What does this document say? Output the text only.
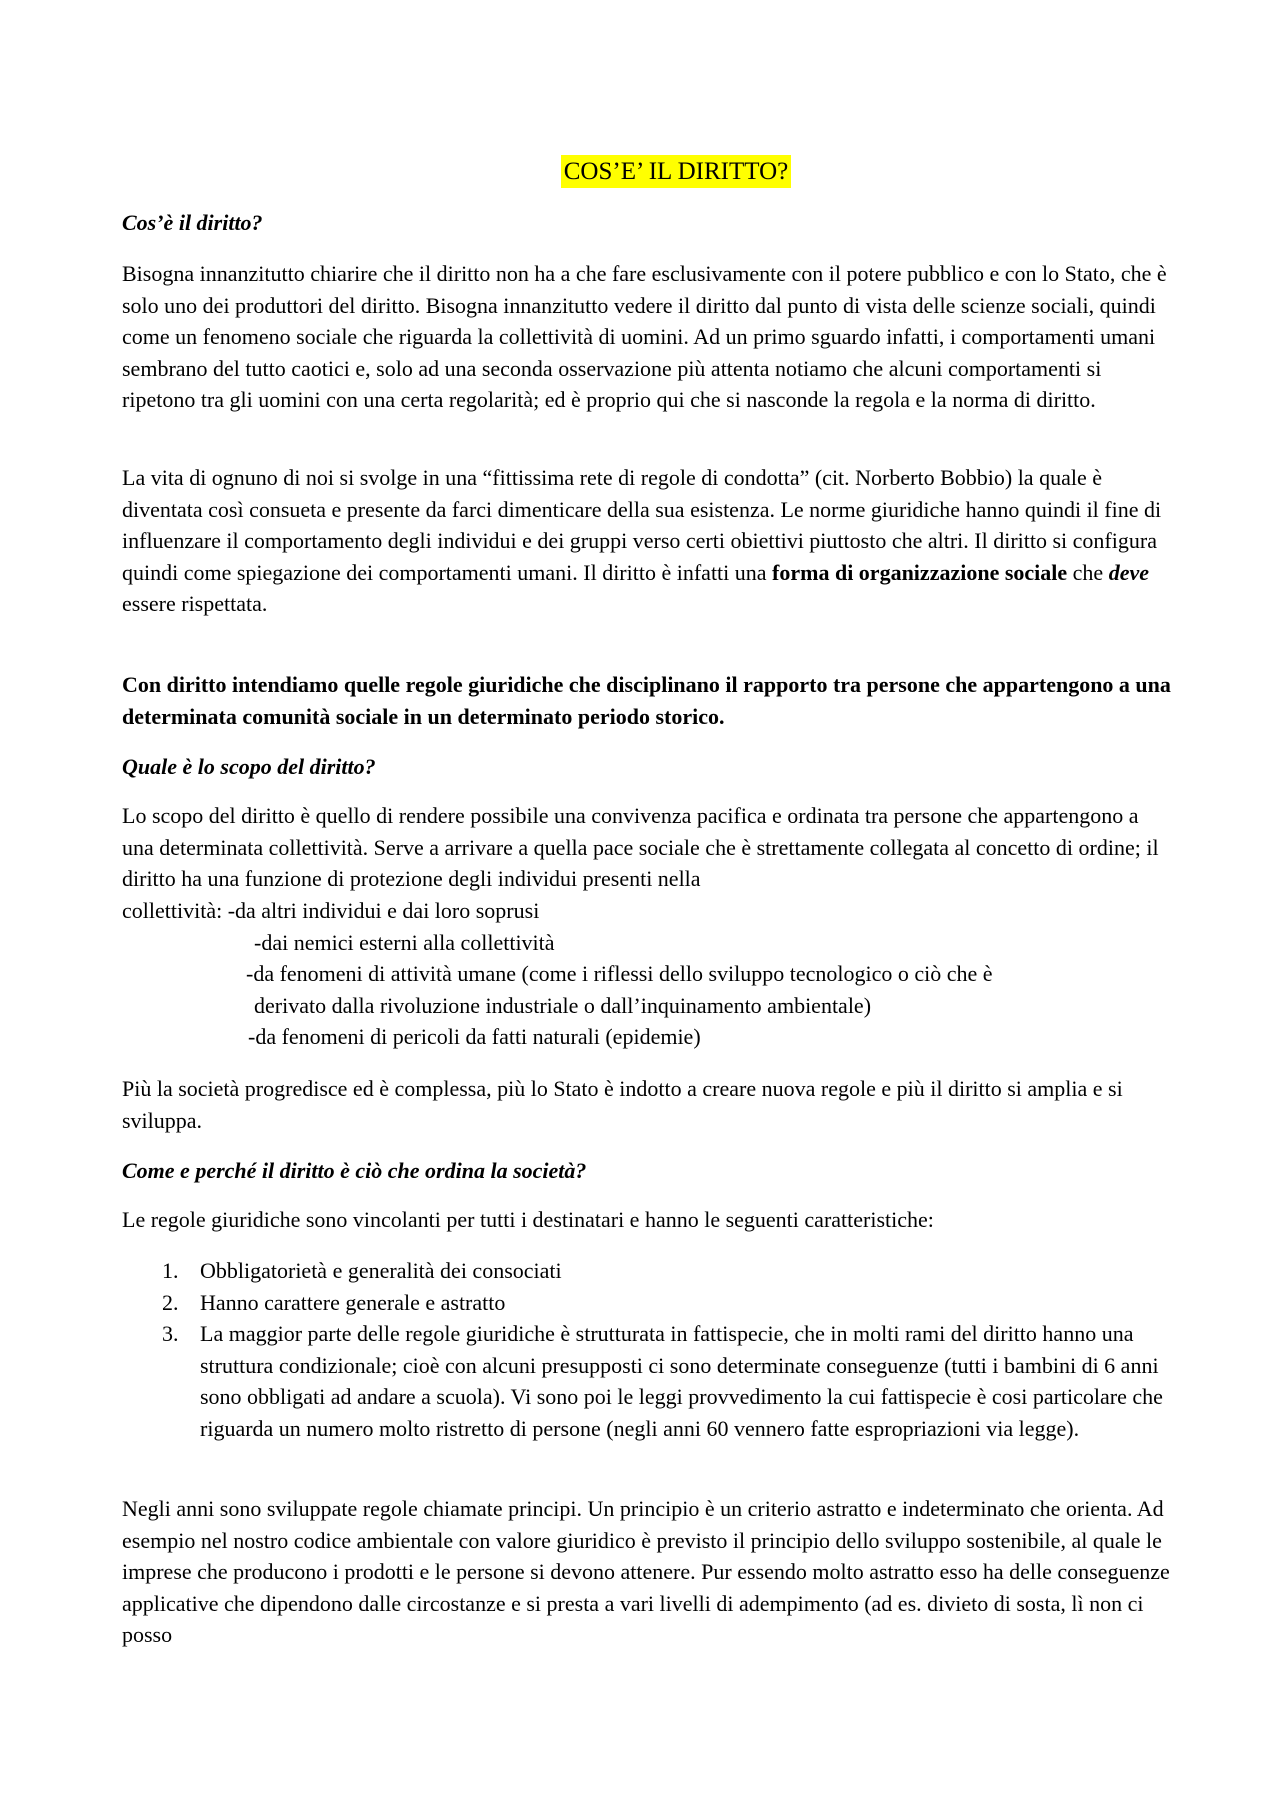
COS’E’ IL DIRITTO?
Cos’è il diritto?

Bisogna innanzitutto chiarire che il diritto non ha a che fare esclusivamente con il potere pubblico e con lo Stato, che è solo uno dei produttori del diritto. Bisogna innanzitutto vedere il diritto dal punto di vista delle scienze sociali, quindi come un fenomeno sociale che riguarda la collettività di uomini. Ad un primo sguardo infatti, i comportamenti umani sembrano del tutto caotici e, solo ad una seconda osservazione più attenta notiamo che alcuni comportamenti si ripetono tra gli uomini con una certa regolarità; ed è proprio qui che si nasconde la regola e la norma di diritto.

La vita di ognuno di noi si svolge in una “fittissima rete di regole di condotta” (cit. Norberto Bobbio) la quale è diventata così consueta e presente da farci dimenticare della sua esistenza. Le norme giuridiche hanno quindi il fine di influenzare il comportamento degli individui e dei gruppi verso certi obiettivi piuttosto che altri. Il diritto si configura quindi come spiegazione dei comportamenti umani. Il diritto è infatti una forma di organizzazione sociale che deve essere rispettata.

Con diritto intendiamo quelle regole giuridiche che disciplinano il rapporto tra persone che appartengono a una determinata comunità sociale in un determinato periodo storico.

Quale è lo scopo del diritto?

Lo scopo del diritto è quello di rendere possibile una convivenza pacifica e ordinata tra persone che appartengono a una determinata collettività. Serve a arrivare a quella pace sociale che è strettamente collegata al concetto di ordine; il diritto ha una funzione di protezione degli individui presenti nella

collettività: -da altri individui e dai loro soprusi
-dai nemici esterni alla collettività
-da fenomeni di attività umane (come i riflessi dello sviluppo tecnologico o ciò che è
derivato dalla rivoluzione industriale o dall’inquinamento ambientale)
-da fenomeni di pericoli da fatti naturali (epidemie)

Più la società progredisce ed è complessa, più lo Stato è indotto a creare nuova regole e più il diritto si amplia e si sviluppa.

Come e perché il diritto è ciò che ordina la società?

Le regole giuridiche sono vincolanti per tutti i destinatari e hanno le seguenti caratteristiche:

1. Obbligatorietà e generalità dei consociati
2. Hanno carattere generale e astratto
3. La maggior parte delle regole giuridiche è strutturata in fattispecie, che in molti rami del diritto hanno una struttura condizionale; cioè con alcuni presupposti ci sono determinate conseguenze (tutti i bambini di 6 anni sono obbligati ad andare a scuola). Vi sono poi le leggi provvedimento la cui fattispecie è cosi particolare che riguarda un numero molto ristretto di persone (negli anni 60 vennero fatte espropriazioni via legge).

Negli anni sono sviluppate regole chiamate principi. Un principio è un criterio astratto e indeterminato che orienta. Ad esempio nel nostro codice ambientale con valore giuridico è previsto il principio dello sviluppo sostenibile, al quale le imprese che producono i prodotti e le persone si devono attenere. Pur essendo molto astratto esso ha delle conseguenze applicative che dipendono dalle circostanze e si presta a vari livelli di adempimento (ad es. divieto di sosta, lì non ci posso
